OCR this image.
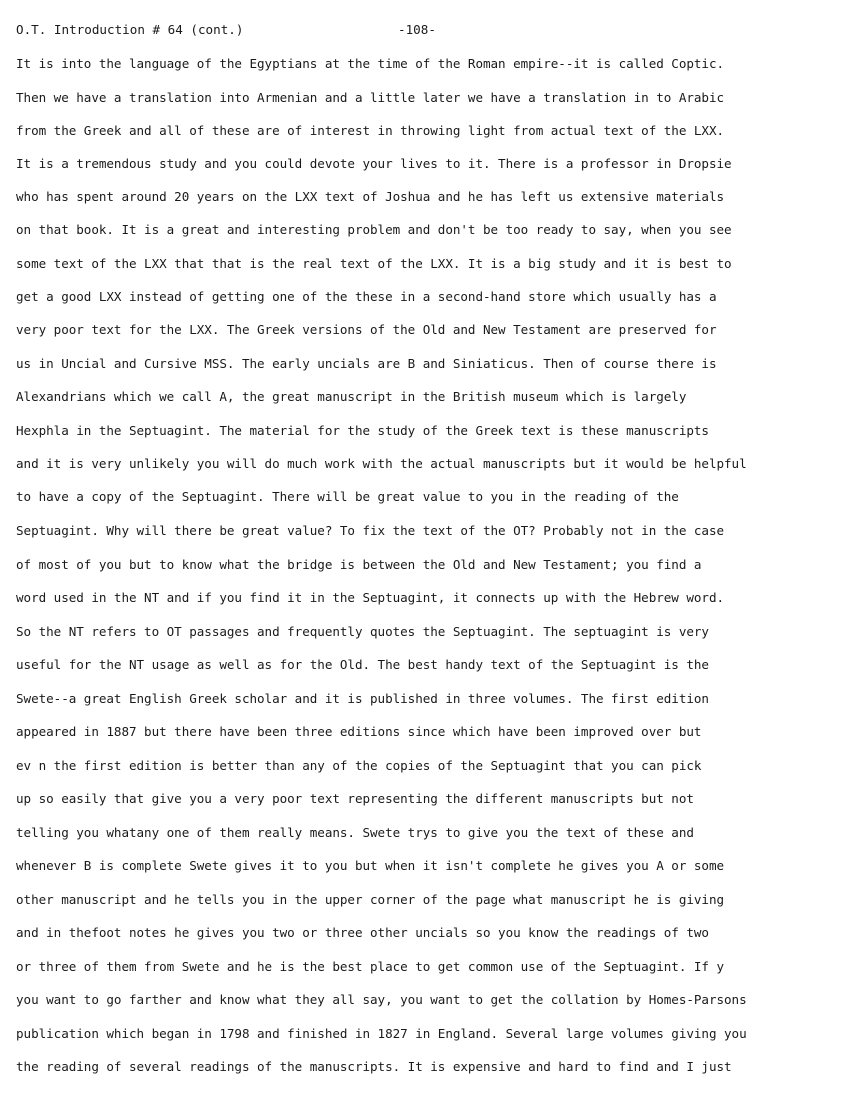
O.T. Introduction # 64 (cont.)	-108-
It is into the language of the Egyptians at the time of the Roman empire--it is called Coptic.
Then we have a translation into Armenian and a little later we have a translation in to Arabic
from the Greek and all of these are of interest in throwing light from actual text of the LXX.
It is a tremendous study and you could devote your lives to it. There is a professor in Dropsie
who has spent around 20 years on the LXX text of Joshua and he has left us extensive materials
on that book. It is a great and interesting problem and don't be too ready to say, when you see
some text of the LXX that that is the real text of the LXX. It is a big study and it is best to
get a good LXX instead of getting one of the these in a second-hand store which usually has a
very poor text for the LXX. The Greek versions of the Old and New Testament are preserved for
us in Uncial and Cursive MSS. The early uncials are B and Siniaticus. Then of course there is
Alexandrians which we call A, the great manuscript in the British museum which is largely
Hexphla in the Septuagint. The material for the study of the Greek text is these manuscripts
and it is very unlikely you will do much work with the actual manuscripts but it would be helpful
to have a copy of the Septuagint. There will be great value to you in the reading of the
Septuagint. Why will there be great value? To fix the text of the OT? Probably not in the case
of most of you but to know what the bridge is between the Old and New Testament; you find a
word used in the NT and if you find it in the Septuagint, it connects up with the Hebrew word.
So the NT refers to OT passages and frequently quotes the Septuagint. The septuagint is very
useful for the NT usage as well as for the Old. The best handy text of the Septuagint is the
Swete--a great English Greek scholar and it is published in three volumes. The first edition
appeared in 1887 but there have been three editions since which have been improved over but
ev n the first edition is better than any of the copies of the Septuagint that you can pick
up so easily that give you a very poor text representing the different manuscripts but not
telling you whatany one of them really means. Swete trys to give you the text of these and
whenever B is complete Swete gives it to you but when it isn't complete he gives you A or some
other manuscript and he tells you in the upper corner of the page what manuscript he is giving
and in thefoot notes he gives you two or three other uncials so you know the readings of two
or three of them from Swete and he is the best place to get common use of the Septuagint. If y
you want to go farther and know what they all say, you want to get the collation by Homes-Parsons
publication which began in 1798 and finished in 1827 in England. Several large volumes giving you
the reading of several readings of the manuscripts. It is expensive and hard to find and I just
